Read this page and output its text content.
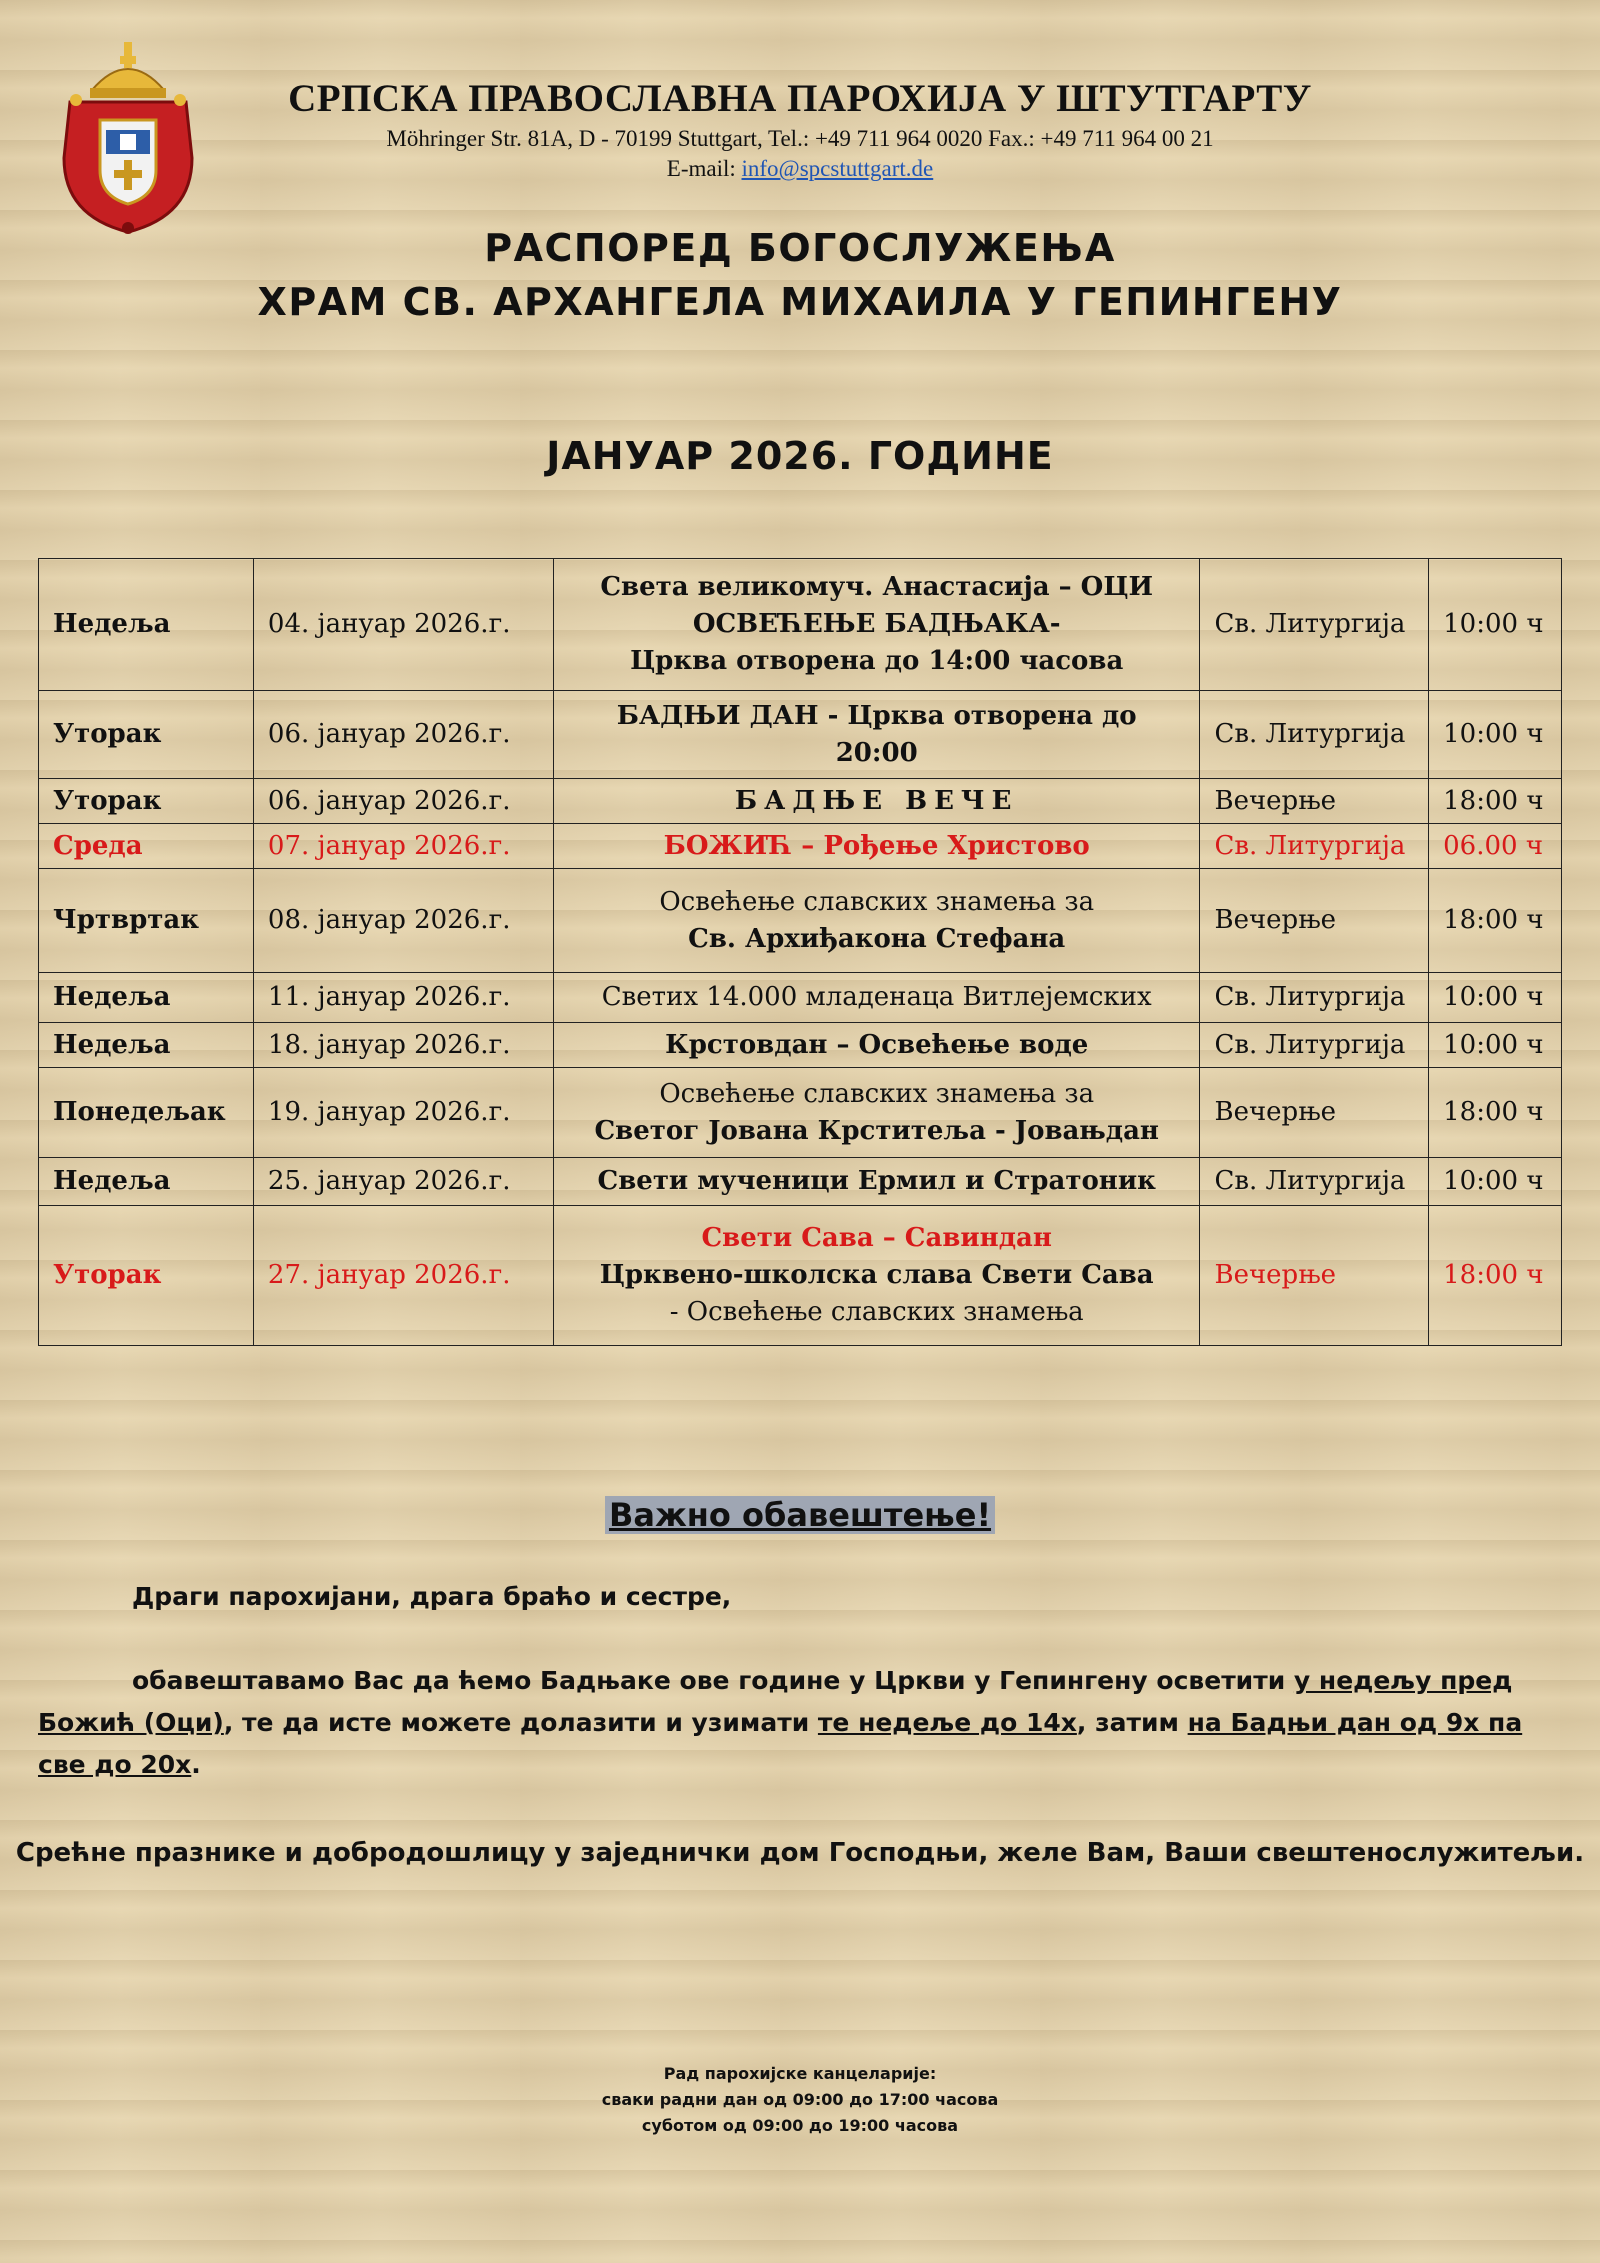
СРПСКА ПРАВОСЛАВНА ПАРОХИЈА У ШТУТГАРТУ
Möhringer Str. 81A, D - 70199 Stuttgart, Tel.: +49 711 964 0020 Fax.: +49 711 964 00 21
E-mail: info@spcstuttgart.de
РАСПОРЕД БОГОСЛУЖЕЊА
ХРАМ СВ. АРХАНГЕЛА МИХАИЛА У ГЕПИНГЕНУ
ЈАНУАР 2026. ГОДИНЕ
Недеља	04. јануар 2026.г.	Света великомуч. Анастасија – ОЦИ
ОСВЕЋЕЊЕ БАДЊАКА-
Црква отворена до 14:00 часова	Св. Литургија	10:00 ч
Уторак	06. јануар 2026.г.	БАДЊИ ДАН - Црква отворена до
20:00	Св. Литургија	10:00 ч
Уторак	06. јануар 2026.г.	БАДЊЕ ВЕЧЕ	Вечерње	18:00 ч
Среда	07. јануар 2026.г.	БОЖИЋ – Рођење Христово	Св. Литургија	06.00 ч
Чртвртак	08. јануар 2026.г.	Освећење славских знамења за
Св. Архиђакона Стефана	Вечерње	18:00 ч
Недеља	11. јануар 2026.г.	Светих 14.000 младенаца Витлејемских	Св. Литургија	10:00 ч
Недеља	18. јануар 2026.г.	Крстовдан – Освећење воде	Св. Литургија	10:00 ч
Понедељак	19. јануар 2026.г.	Освећење славских знамења за
Светог Јована Крститеља - Јовањдан	Вечерње	18:00 ч
Недеља	25. јануар 2026.г.	Свети мученици Ермил и Стратоник	Св. Литургија	10:00 ч
Уторак	27. јануар 2026.г.	Свети Сава – Савиндан
Црквено-школска слава Свети Сава
- Освећење славских знамења	Вечерње	18:00 ч
Важно обавештење!
Драги парохијани, драга браћо и сестре,
обавештавамо Вас да ћемо Бадњаке ове године у Цркви у Гепингену осветити у недељу пред Божић (Оци), те да исте можете долазити и узимати те недеље до 14х, затим на Бадњи дан од 9х па све до 20х.
Срећне празнике и добродошлицу у заједнички дом Господњи, желе Вам, Ваши свештенослужитељи.
Рад парохијске канцеларије:
сваки радни дан од 09:00 до 17:00 часова
суботом од 09:00 до 19:00 часова
